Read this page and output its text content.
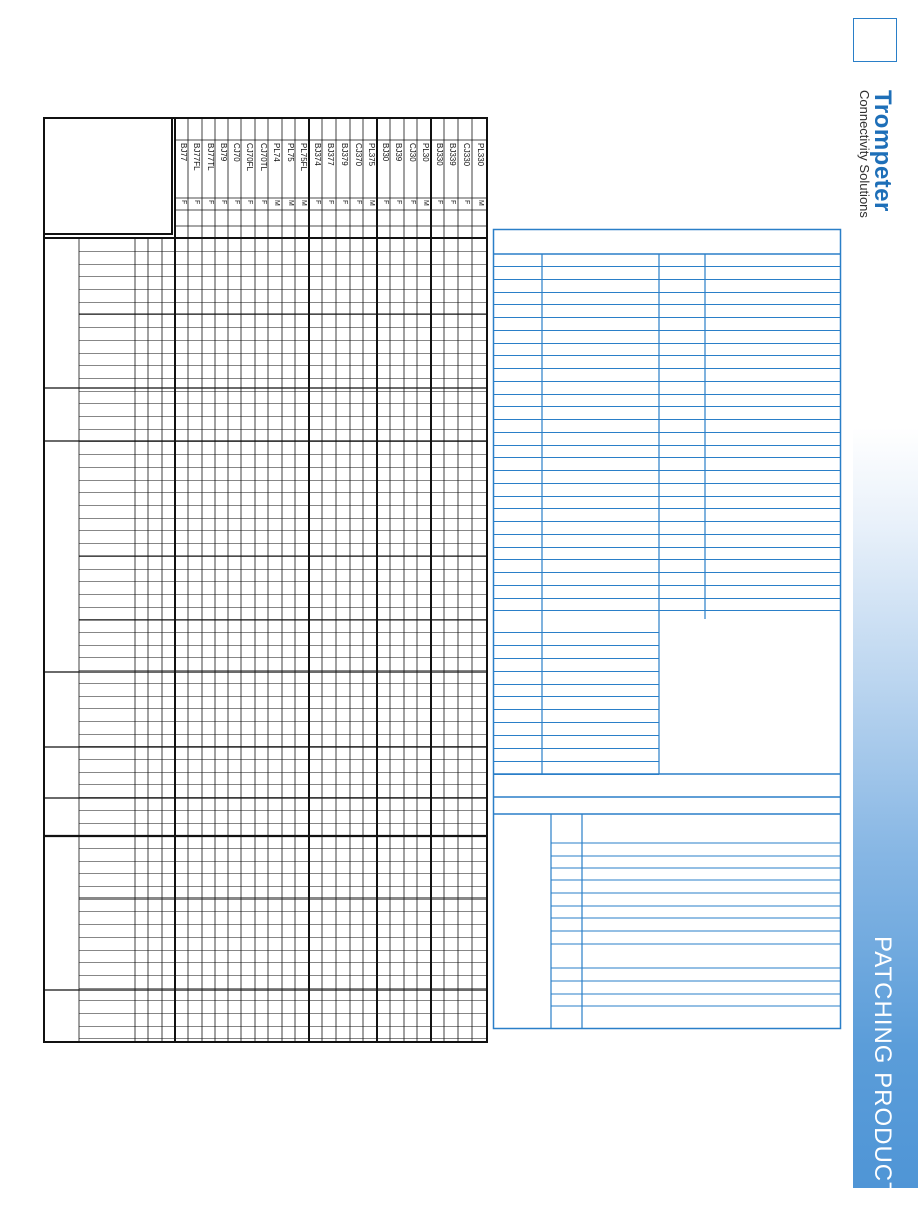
F
BJ77
F
BJ77FL
F
BJ77TL
F
BJ79
F
CJ70
F
CJ70FL
F
CJ70TL
M
PL74
M
PL75
M
PL75FL
F
BJ374
F
BJ377
F
BJ379
F
CJ370
M
PL375
F
BJ30
F
BJ39
F
CJ30
M
PL30
F
BJ330
F
BJ339
F
CJ330
M
PL330	Trompeter
Connectivity Solutions
PATCHING PRODUCTS
